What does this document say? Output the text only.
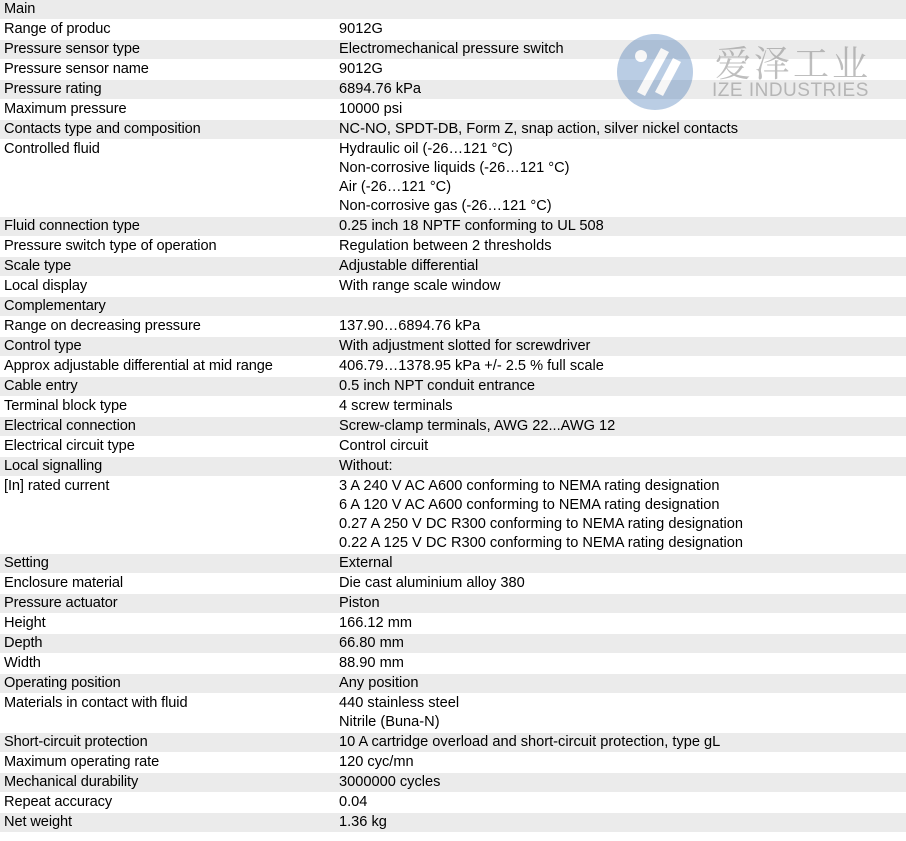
Main
Range of produc	9012G
Pressure sensor type	Electromechanical pressure switch
Pressure sensor name	9012G
Pressure rating	6894.76 kPa
Maximum pressure	10000 psi
Contacts type and composition	NC-NO, SPDT-DB, Form Z, snap action, silver nickel contacts
Controlled fluid	Hydraulic oil (-26…121 °C)
Non-corrosive liquids (-26…121 °C)
Air (-26…121 °C)
Non-corrosive gas (-26…121 °C)
Fluid connection type	0.25 inch 18 NPTF conforming to UL 508
Pressure switch type of operation	Regulation between 2 thresholds
Scale type	Adjustable differential
Local display	With range scale window
Complementary
Range on decreasing pressure	137.90…6894.76 kPa
Control type	With adjustment slotted for screwdriver
Approx adjustable differential at mid range	406.79…1378.95 kPa +/- 2.5 % full scale
Cable entry	0.5 inch NPT conduit entrance
Terminal block type	4 screw terminals
Electrical connection	Screw-clamp terminals, AWG 22...AWG 12
Electrical circuit type	Control circuit
Local signalling	Without:
[In] rated current	3 A 240 V AC A600 conforming to NEMA rating designation
6 A 120 V AC A600 conforming to NEMA rating designation
0.27 A 250 V DC R300 conforming to NEMA rating designation
0.22 A 125 V DC R300 conforming to NEMA rating designation
Setting	External
Enclosure material	Die cast aluminium alloy 380
Pressure actuator	Piston
Height	166.12 mm
Depth	66.80 mm
Width	88.90 mm
Operating position	Any position
Materials in contact with fluid	440 stainless steel
Nitrile (Buna-N)
Short-circuit protection	10 A cartridge overload and short-circuit protection, type gL
Maximum operating rate	120 cyc/mn
Mechanical durability	3000000 cycles
Repeat accuracy	0.04
Net weight	1.36 kg
爱泽工业
IZE INDUSTRIES
